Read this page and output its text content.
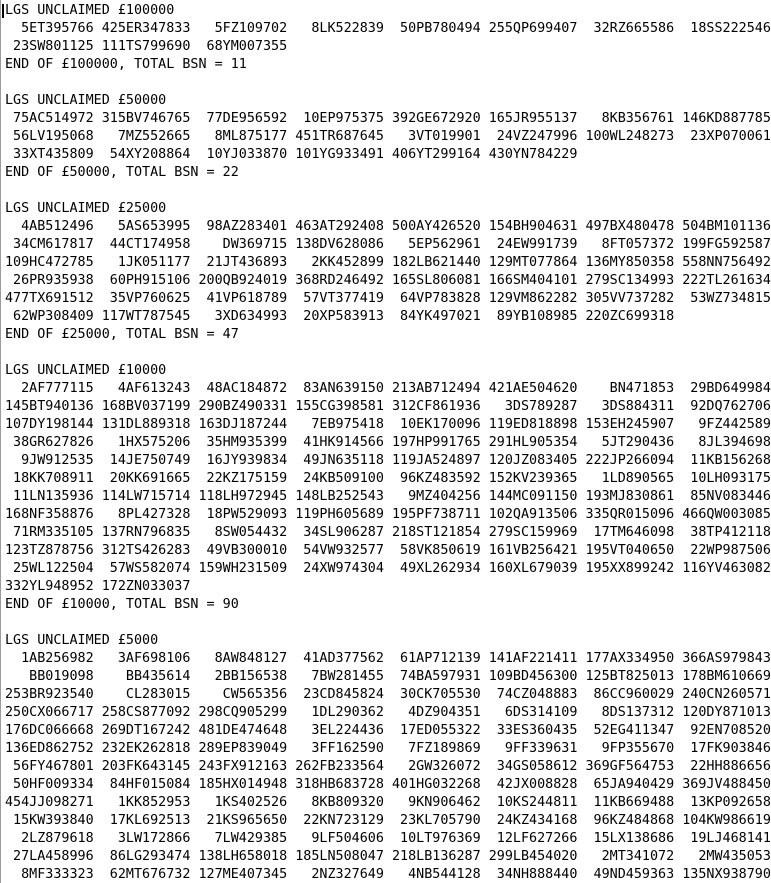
LGS UNCLAIMED £100000
5ET395766 425ER347833   5FZ109702   8LK522839  50PB780494 255QP699407  32RZ665586  18SS222546
23SW801125 111TS799690  68YM007355
END OF £100000, TOTAL BSN = 11
LGS UNCLAIMED £50000
75AC514972 315BV746765  77DE956592  10EP975375 392GE672920 165JR955137   8KB356761 146KD887785
56LV195068   7MZ552665   8ML875177 451TR687645   3VT019901  24VZ247996 100WL248273  23XP070061
33XT435809  54XY208864  10YJ033870 101YG933491 406YT299164 430YN784229
END OF £50000, TOTAL BSN = 22
LGS UNCLAIMED £25000
4AB512496   5AS653995  98AZ283401 463AT292408 500AY426520 154BH904631 497BX480478 504BM101136
34CM617817  44CT174958    DW369715 138DV628086   5EP562961  24EW991739   8FT057372 199FG592587
109HC472785   1JK051177  21JT436893   2KK452899 182LB621440 129MT077864 136MY850358 558NN756492
26PR935938  60PH915106 200QB924019 368RD246492 165SL806081 166SM404101 279SC134993 222TL261634
477TX691512  35VP760625  41VP618789  57VT377419  64VP783828 129VM862282 305VV737282  53WZ734815
62WP308409 117WT787545   3XD634993  20XP583913  84YK497021  89YB108985 220ZC699318
END OF £25000, TOTAL BSN = 47
LGS UNCLAIMED £10000
2AF777115   4AF613243  48AC184872  83AN639150 213AB712494 421AE504620    BN471853  29BD649984
145BT940136 168BV037199 290BZ490331 155CG398581 312CF861936   3DS789287   3DS884311  92DQ762706
107DY198144 131DL889318 163DJ187244   7EB975418  10EK170096 119ED818898 153EH245907   9FZ442589
38GR627826   1HX575206  35HM935399  41HK914566 197HP991765 291HL905354   5JT290436   8JL394698
9JW912535  14JE750749  16JY939834  49JN635118 119JA524897 120JZ083405 222JP266094  11KB156268
18KK708911  20KK691665  22KZ175159  24KB509100  96KZ483592 152KV239365   1LD890565  10LH093175
11LN135936 114LW715714 118LH972945 148LB252543   9MZ404256 144MC091150 193MJ830861  85NV083446
168NF358876   8PL427328  18PW529093 119PH605689 195PF738711 102QA913506 335QR015096 466QW003085
71RM335105 137RN796835   8SW054432  34SL906287 218ST121854 279SC159969  17TM646098  38TP412118
123TZ878756 312TS426283  49VB300010  54VW932577  58VK850619 161VB256421 195VT040650  22WP987506
25WL122504  57WS582074 159WH231509  24XW974304  49XL262934 160XL679039 195XX899242 116YV463082
332YL948952 172ZN033037
END OF £10000, TOTAL BSN = 90
LGS UNCLAIMED £5000
1AB256982   3AF698106   8AW848127  41AD377562  61AP712139 141AF221411 177AX334950 366AS979843
BB019098    BB435614   2BB156538   7BW281455  74BA597931 109BD456300 125BT825013 178BM610669
253BR923540    CL283015    CW565356  23CD845824  30CK705530  74CZ048883  86CC960029 240CN260571
250CX066717 258CS877092 298CQ905299   1DL290362   4DZ904351   6DS314109   8DS137312 120DY871013
176DC066668 269DT167242 481DE474648   3EL224436  17ED055322  33ES360435  52EG411347  92EN708520
136ED862752 232EK262818 289EP839049   3FF162590   7FZ189869   9FF339631   9FP355670  17FK903846
56FY467801 203FK643145 243FX912163 262FB233564   2GW326072  34GS058612 369GF564753  22HH886656
50HF009334  84HF015084 185HX014948 318HB683728 401HG032268  42JX008828  65JA940429 369JV488450
454JJ098271   1KK852953   1KS402526   8KB809320   9KN906462  10KS244811  11KB669488  13KP092658
15KW393840  17KL692513  21KS965650  22KN723129  23KL705790  24KZ434168  96KZ484868 104KW986619
2LZ879618   3LW172866   7LW429385   9LF504606  10LT976369  12LF627266  15LX138686  19LJ468141
27LA458996  86LG293474 138LH658018 185LN508047 218LB136287 299LB454020   2MT341072   2MW435053
8MF333323  62MT676732 127ME407345   2NZ327649   4NB544128  34NH888440  49ND459363 135NX938790
